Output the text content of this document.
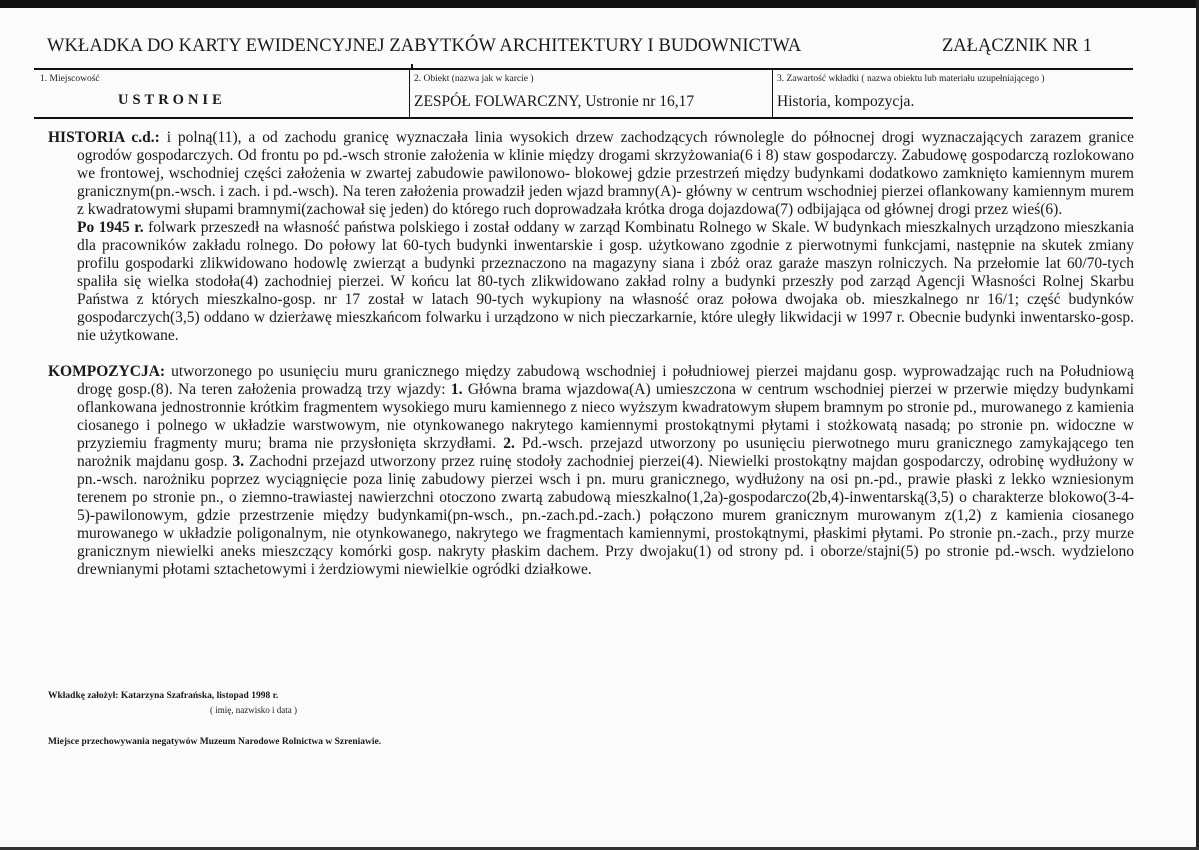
WKŁADKA DO KARTY EWIDENCYJNEJ ZABYTKÓW ARCHITEKTURY I BUDOWNICTWA	ZAŁĄCZNIK NR 1
1. Miejscowość
USTRONIE
2. Obiekt (nazwa jak w karcie )
ZESPÓŁ FOLWARCZNY, Ustronie nr 16,17
3. Zawartość wkładki ( nazwa obiektu lub materiału uzupełniającego )
Historia, kompozycja.

HISTORIA c.d.: i polną(11), a od zachodu granicę wyznaczała linia wysokich drzew zachodzących równolegle do północnej drogi wyznaczających zarazem granice ogrodów gospodarczych. Od frontu po pd.-wsch stronie założenia w klinie między drogami skrzyżowania(6 i 8) staw gospodarczy. Zabudowę gospodarczą rozlokowano we frontowej, wschodniej części założenia w zwartej zabudowie pawilonowo- blokowej gdzie przestrzeń między budynkami dodatkowo zamknięto kamiennym murem granicznym(pn.-wsch. i zach. i pd.-wsch). Na teren założenia prowadził jeden wjazd bramny(A)- główny w centrum wschodniej pierzei oflankowany kamiennym murem z kwadratowymi słupami bramnymi(zachował się jeden) do którego ruch doprowadzała krótka droga dojazdowa(7) odbijająca od głównej drogi przez wieś(6).

Po 1945 r. folwark przeszedł na własność państwa polskiego i został oddany w zarząd Kombinatu Rolnego w Skale. W budynkach mieszkalnych urządzono mieszkania dla pracowników zakładu rolnego. Do połowy lat 60-tych budynki inwentarskie i gosp. użytkowano zgodnie z pierwotnymi funkcjami, następnie na skutek zmiany profilu gospodarki zlikwidowano hodowlę zwierząt a budynki przeznaczono na magazyny siana i zbóż oraz garaże maszyn rolniczych. Na przełomie lat 60/70-tych spaliła się wielka stodoła(4) zachodniej pierzei. W końcu lat 80-tych zlikwidowano zakład rolny a budynki przeszły pod zarząd Agencji Własności Rolnej Skarbu Państwa z których mieszkalno-gosp. nr 17 został w latach 90-tych wykupiony na własność oraz połowa dwojaka ob. mieszkalnego nr 16/1; część budynków gospodarczych(3,5) oddano w dzierżawę mieszkańcom folwarku i urządzono w nich pieczarkarnie, które uległy likwidacji w 1997 r. Obecnie budynki inwentarsko-gosp. nie użytkowane.

KOMPOZYCJA: utworzonego po usunięciu muru granicznego między zabudową wschodniej i południowej pierzei majdanu gosp. wyprowadzając ruch na Południową drogę gosp.(8). Na teren założenia prowadzą trzy wjazdy: 1. Główna brama wjazdowa(A) umieszczona w centrum wschodniej pierzei w przerwie między budynkami oflankowana jednostronnie krótkim fragmentem wysokiego muru kamiennego z nieco wyższym kwadratowym słupem bramnym po stronie pd., murowanego z kamienia ciosanego i polnego w układzie warstwowym, nie otynkowanego nakrytego kamiennymi prostokątnymi płytami i stożkowatą nasadą; po stronie pn. widoczne w przyziemiu fragmenty muru; brama nie przysłonięta skrzydłami. 2. Pd.-wsch. przejazd utworzony po usunięciu pierwotnego muru granicznego zamykającego ten narożnik majdanu gosp. 3. Zachodni przejazd utworzony przez ruinę stodoły zachodniej pierzei(4). Niewielki prostokątny majdan gospodarczy, odrobinę wydłużony w pn.-wsch. narożniku poprzez wyciągnięcie poza linię zabudowy pierzei wsch i pn. muru granicznego, wydłużony na osi pn.-pd., prawie płaski z lekko wzniesionym terenem po stronie pn., o ziemno-trawiastej nawierzchni otoczono zwartą zabudową mieszkalno(1,2a)-gospodarczo(2b,4)-inwentarską(3,5) o charakterze blokowo(3-4-5)-pawilonowym, gdzie przestrzenie między budynkami(pn-wsch., pn.-zach.pd.-zach.) połączono murem granicznym murowanym z(1,2) z kamienia ciosanego murowanego w układzie poligonalnym, nie otynkowanego, nakrytego we fragmentach kamiennymi, prostokątnymi, płaskimi płytami. Po stronie pn.-zach., przy murze granicznym niewielki aneks mieszczący komórki gosp. nakryty płaskim dachem. Przy dwojaku(1) od strony pd. i oborze/stajni(5) po stronie pd.-wsch. wydzielono drewnianymi płotami sztachetowymi i żerdziowymi niewielkie ogródki działkowe.

Wkładkę założył: Katarzyna Szafrańska, listopad 1998 r.
( imię, nazwisko i data )
Miejsce przechowywania negatywów Muzeum Narodowe Rolnictwa w Szreniawie.
